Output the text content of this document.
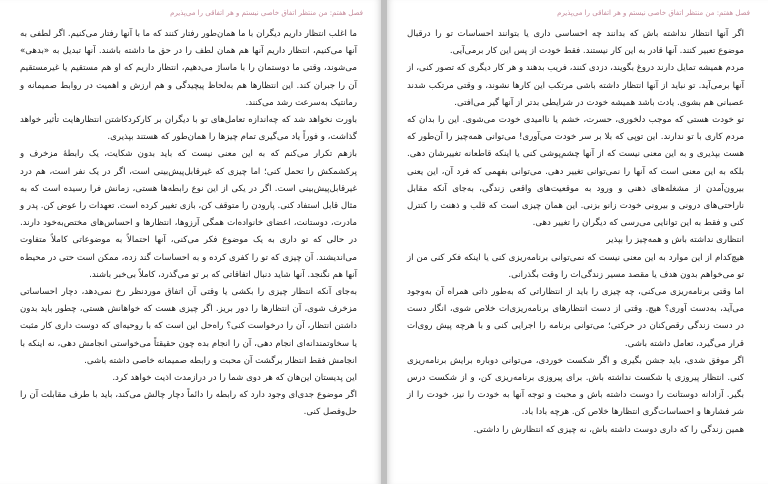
فصل هفتم: من منتظر اتفاق خاصی نیستم و هر اتفاقی را می‌پذیرم

ما اغلب انتظار داریم دیگران با ما همان‌طور رفتار کنند که ما با آنها رفتار می‌کنیم. اگر لطفی به آنها می‌کنیم، انتظار داریم آنها هم همان لطف را در حق ما داشته باشند. آنها تبدیل به «بدهی» می‌شوند، وقتی ما دوستمان را با ماساژ می‌دهیم، انتظار داریم که او هم مستقیم یا غیرمستقیم آن را جبران کند. این انتظارها هم به‌لحاظ پیچیدگی و هم ارزش و اهمیت در روابط صمیمانه و رمانتیک به‌سرعت رشد می‌کنند.

باورت نخواهد شد که چه‌اندازه تعامل‌های تو با دیگران بر کارکرد‌کاشتن انتظارهایت تأثیر خواهد گذاشت، و فوراً یاد می‌گیری تمام چیزها را همان‌طور که هستند بپذیری.

بازهم تکرار می‌کنم که به این معنی نیست که باید بدون شکایت، یک رابطهٔ مزخرف و پرکشمکش را تحمل کنی؛ اما چیزی که غیرقابل‌پیش‌بینی‌ است، اگر در یک نفر است، هم درد غیرقابل‌پیش‌بینی است. اگر در یکی از این نوع رابطه‌ها هستی، زمانش فرا رسیده است که به مثال قابل استفاد کنی. پارودن را متوقف کن، بازی تغییر کرده است. تعهدات را عوض کن. پدر و مادرت، دوستانت، اعضای خانواده‌ات همگی آرزوها، انتظارها و احساس‌های مختص‌به‌خود دارند. در حالی که تو داری به یک موضوع فکر می‌کنی، آنها احتمالاً به موضوعاتی کاملاً متفاوت می‌اندیشند. آن چیزی که تو را کفری کرده و به احساسات گند زده، ممکن است حتی در محیط‌ه آنها هم نگنجد. آنها شاید دنبال اتفاقاتی که بر تو می‌گذرد، کاملاً بی‌خبر باشند.

به‌جای آنکه انتظار چیزی را بکشی یا وقتی آن اتفاق موردنظر رخ نمی‌دهد، دچار احساساتی مزخرف شوی، آن انتظارها را دور بریز. اگر چیزی هست که خواهانش هستی، چطور باید بدون داشتن انتظار، آن را درخواست کنی؟ راه‌حل این است که با روحیه‌ای که دوست داری کار مثبت یا سخاوتمندانه‌ای انجام دهی، آن را انجام بده چون حقیقتاً می‌خواستی انجامش دهی، نه اینکه با انجامش فقط انتظار برگشت آن محبت و رابطه صمیمانه خاصی داشته باشی.

این پدیستان این‌ها‌ن ‌که هر دوی شما را در درازمدت اذیت خواهد کرد.

اگر موضوع جدی‌ای وجود دارد که رابطه را دائماً دچار چالش می‌کند، باید با طرف مقابلت آن را حل‌وفصل کنی.

فصل هفتم: من منتظر اتفاق خاصی نیستم و هر اتفاقی را می‌پذیرم

اگر آنها انتظار نداشته باش که بدانند چه احساسی داری یا بتوانند احساسات تو را درقبال موضوع تعبیر کنند. آنها قادر به این کار نیستند. فقط خودت از پس این کار برمی‌آیی.

مردم همیشه تمایل دارند دروغ بگویند، دزدی کنند، فریب بدهند و هر کار دیگری که تصور کنی، از آنها برمی‌آید. تو نباید از آنها انتظار داشته باشی مرتکب این کارها نشوند، و وقتی مرتکب شدند عصبانی هم بشوی. یادت باشد همیشه خودت در شرایطی بدتر از آنها گیر می‌افتی.

تو خودت هستی که موجب دلخوری، حسرت، خشم یا ناامیدی خودت می‌شوی. این را بدان که مردم کاری با تو ندارند. این توپی که بلا بر سر خودت می‌آوری! می‌توانی همه‌چیز را آن‌طور که هست بپذیری و به این معنی نیست که از آنها چشم‌پوشی کنی یا اینکه قاطعانه تغییرشان دهی. بلکه به این معنی است که آنها را نمی‌توانی تغییر دهی. می‌توانی بفهمی که فرد آن، این یعنی بیرون‌آمدن از مشغله‌های ذهنی و ورود به موقعیت‌های واقعی زندگی، به‌جای آنکه مقابل ناراحتی‌های درونی و بیرونی خودت زانو بزنی. این همان چیزی است که قلب و ذهنت را کنترل کنی و فقط به این توانایی می‌رسی که دیگران را تغییر دهی.

انتظاری نداشته باش و همه‌چیز را بپذیر

هیچ‌کدام از این موارد به این معنی نیست که نمی‌توانی برنامه‌ریزی کنی یا اینکه فکر کنی من از تو می‌خواهم بدون هدف یا مقصد مسیر زندگی‌ات را وقت بگذرانی.

اما وقتی برنامه‌ریزی می‌کنی، چه چیزی را باید از انتظاراتی که به‌طور ذاتی همراه آن به‌وجود می‌آید، به‌دست آوری؟ هیچ. وقتی از دست انتظارهای برنامه‌ریزی‌ات خلاص شوی، انگار دست در دست زندگی رقص‌کنان در حرکتی؛ می‌توانی برنامه را اجرایی کنی و با هرچه پیش روی‌ات قرار می‌گیرد، تعامل داشته باشی.

اگر موفق شدی، باید جشن بگیری و اگر شکست خوردی، می‌توانی دوباره برایش برنامه‌ریزی کنی. انتظار پیروزی یا شکست نداشته باش. برای پیروزی برنامه‌ریزی کن، و از شکست درس بگیر. آزادانه دوستانت را دوست داشته باش و محبت و توجه آنها به خودت را نیز، خودت را از شر فشارها و احساسات‌گری انتظارها خلاص کن. هرچه بادا باد.

همین زندگی را که داری دوست داشته باش، نه چیزی که انتظارش را داشتی.
